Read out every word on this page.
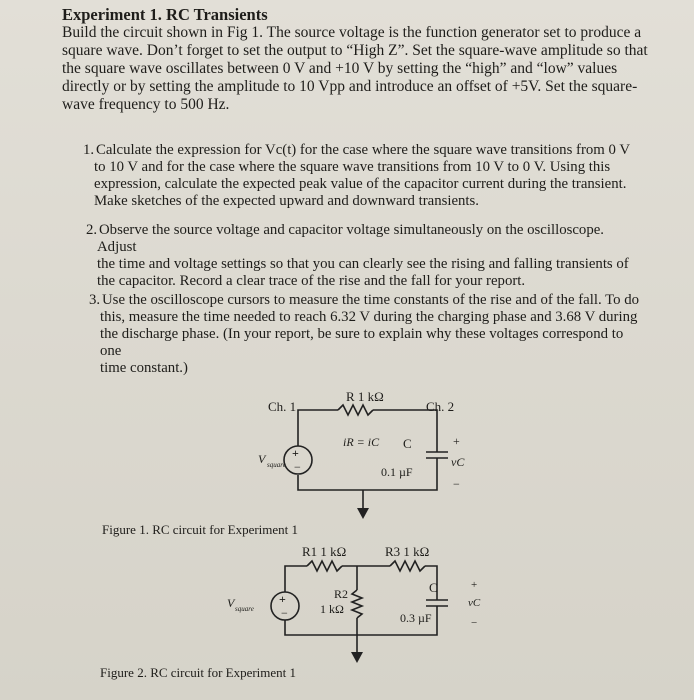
Experiment 1. RC Transients
Build the circuit shown in Fig 1. The source voltage is the function generator set to produce a
square wave. Don’t forget to set the output to “High Z”. Set the square-wave amplitude so that
the square wave oscillates between 0 V and +10 V by setting the “high” and “low” values
directly or by setting the amplitude to 10 Vpp and introduce an offset of +5V. Set the square-
wave frequency to 500 Hz.
1. Calculate the expression for Vc(t) for the case where the square wave transitions from 0 V
to 10 V and for the case where the square wave transitions from 10 V to 0 V. Using this
expression, calculate the expected peak value of the capacitor current during the transient.
Make sketches of the expected upward and downward transients.
2. Observe the source voltage and capacitor voltage simultaneously on the oscilloscope. Adjust
the time and voltage settings so that you can clearly see the rising and falling transients of
the capacitor. Record a clear trace of the rise and the fall for your report.
3. Use the oscilloscope cursors to measure the time constants of the rise and of the fall. To do
this, measure the time needed to reach 6.32 V during the charging phase and 3.68 V during
the discharge phase. (In your report, be sure to explain why these voltages correspond to one
time constant.)
+
−
Ch. 1	Ch. 2
R 1 kΩ
iR = iC C
0.1 µF
V square
+
vC
−
+
−
R1 1 kΩ	R3 1 kΩ
R2
1 kΩ
C
0.3 µF
V square
+
vC
−
Figure 1. RC circuit for Experiment 1
Figure 2. RC circuit for Experiment 1
